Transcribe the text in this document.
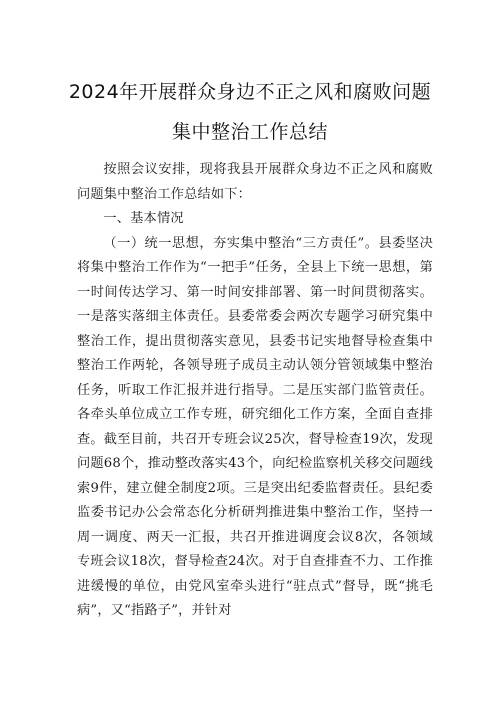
2024年开展群众身边不正之风和腐败问题
集中整治工作总结

按照会议安排，现将我县开展群众身边不正之风和腐败问题集中整治工作总结如下：

一、基本情况

（一）统一思想，夯实集中整治“三方责任”。县委坚决将集中整治工作作为“一把手”任务，全县上下统一思想，第一时间传达学习、第一时间安排部署、第一时间贯彻落实。一是落实落细主体责任。县委常委会两次专题学习研究集中整治工作，提出贯彻落实意见，县委书记实地督导检查集中整治工作两轮，各领导班子成员主动认领分管领域集中整治任务，听取工作汇报并进行指导。二是压实部门监管责任。各牵头单位成立工作专班，研究细化工作方案，全面自查排查。截至目前，共召开专班会议25次，督导检查19次，发现问题68个，推动整改落实43个，向纪检监察机关移交问题线索9件，建立健全制度2项。三是突出纪委监督责任。县纪委监委书记办公会常态化分析研判推进集中整治工作，坚持一周一调度、两天一汇报，共召开推进调度会议8次，各领域专班会议18次，督导检查24次。对于自查排查不力、工作推进缓慢的单位，由党风室牵头进行“驻点式”督导，既“挑毛病”，又“指路子”，并针对
